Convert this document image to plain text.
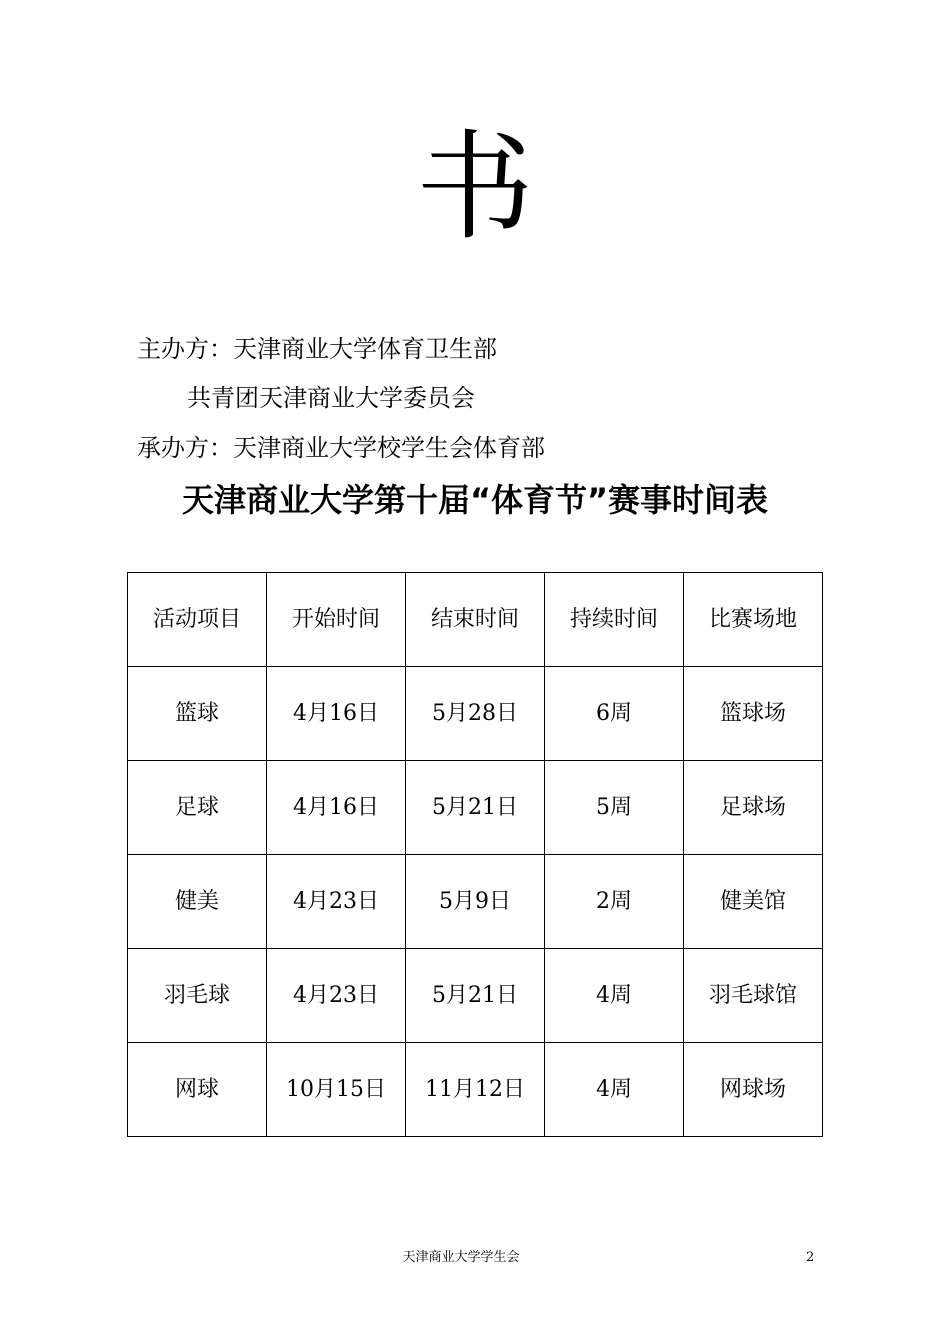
书
主办方：天津商业大学体育卫生部
共青团天津商业大学委员会
承办方：天津商业大学校学生会体育部
天津商业大学第十届“体育节”赛事时间表
活动项目	开始时间	结束时间	持续时间	比赛场地
篮球	4月16日	5月28日	6周	篮球场
足球	4月16日	5月21日	5周	足球场
健美	4月23日	5月9日	2周	健美馆
羽毛球	4月23日	5月21日	4周	羽毛球馆
网球	10月15日	11月12日	4周	网球场
天津商业大学学生会	2
